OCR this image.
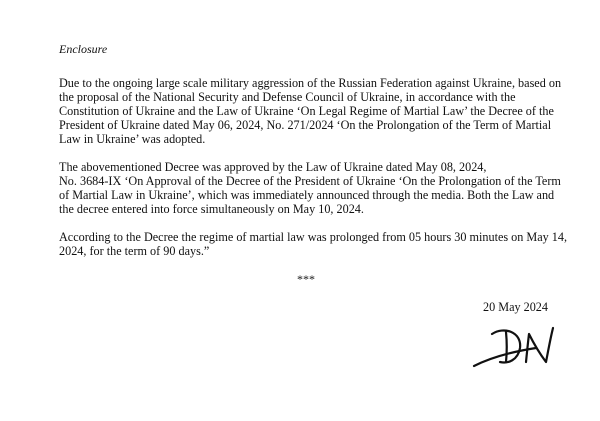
Enclosure

Due to the ongoing large scale military aggression of the Russian Federation against Ukraine, based on
the proposal of the National Security and Defense Council of Ukraine, in accordance with the
Constitution of Ukraine and the Law of Ukraine ‘On Legal Regime of Martial Law’ the Decree of the
President of Ukraine dated May 06, 2024, No. 271/2024 ‘On the Prolongation of the Term of Martial
Law in Ukraine’ was adopted.
The abovementioned Decree was approved by the Law of Ukraine dated May 08, 2024,
No. 3684-IX ‘On Approval of the Decree of the President of Ukraine ‘On the Prolongation of the Term
of Martial Law in Ukraine’, which was immediately announced through the media. Both the Law and
the decree entered into force simultaneously on May 10, 2024.
According to the Decree the regime of martial law was prolonged from 05 hours 30 minutes on May 14,
2024, for the term of 90 days.”

***

20 May 2024
